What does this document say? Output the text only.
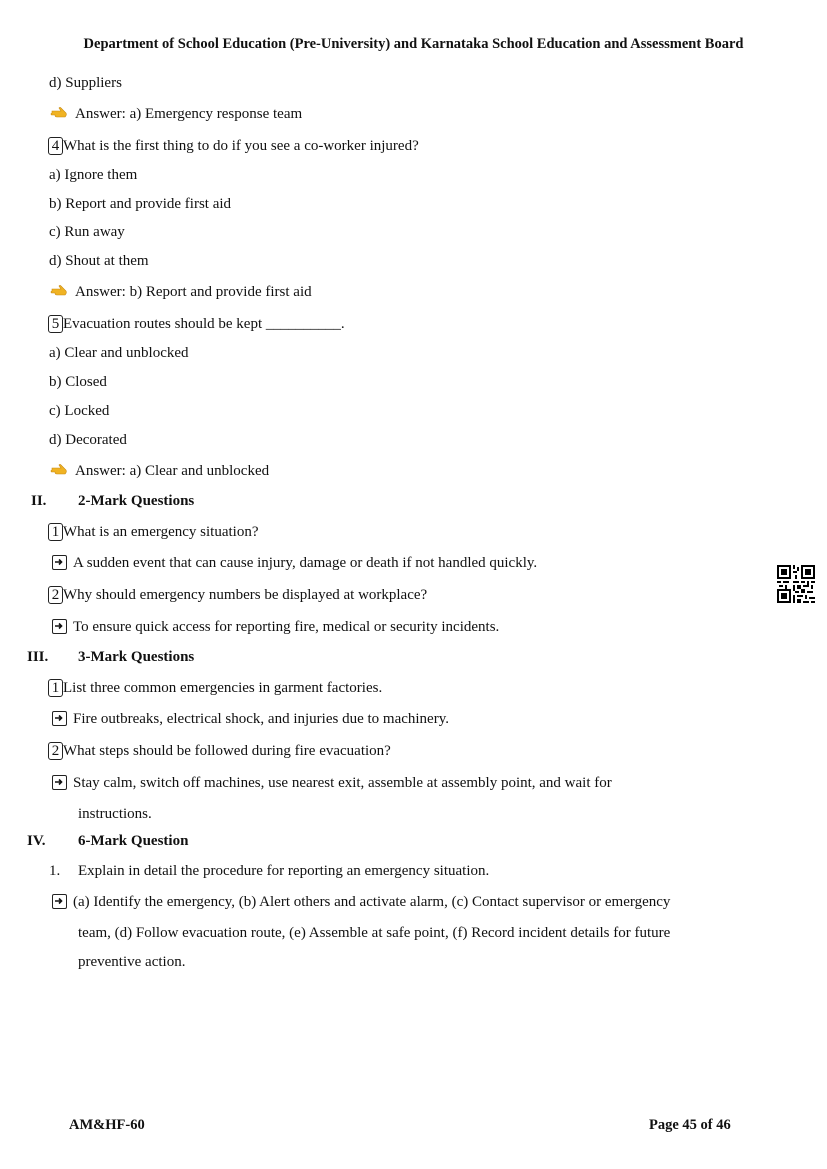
Department of School Education (Pre-University) and Karnataka School Education and Assessment Board
d) Suppliers
Answer: a) Emergency response team
4 What is the first thing to do if you see a co-worker injured?
a) Ignore them
b) Report and provide first aid
c) Run away
d) Shout at them
Answer: b) Report and provide first aid
5 Evacuation routes should be kept __________.
a) Clear and unblocked
b) Closed
c) Locked
d) Decorated
Answer: a) Clear and unblocked
II. 2-Mark Questions
1 What is an emergency situation?
A sudden event that can cause injury, damage or death if not handled quickly.
2 Why should emergency numbers be displayed at workplace?
To ensure quick access for reporting fire, medical or security incidents.
III. 3-Mark Questions
1 List three common emergencies in garment factories.
Fire outbreaks, electrical shock, and injuries due to machinery.
2 What steps should be followed during fire evacuation?
Stay calm, switch off machines, use nearest exit, assemble at assembly point, and wait for
instructions.
IV. 6-Mark Question
1. Explain in detail the procedure for reporting an emergency situation.
(a) Identify the emergency, (b) Alert others and activate alarm, (c) Contact supervisor or emergency
team, (d) Follow evacuation route, (e) Assemble at safe point, (f) Record incident details for future
preventive action.
AM&HF-60	Page 45 of 46
